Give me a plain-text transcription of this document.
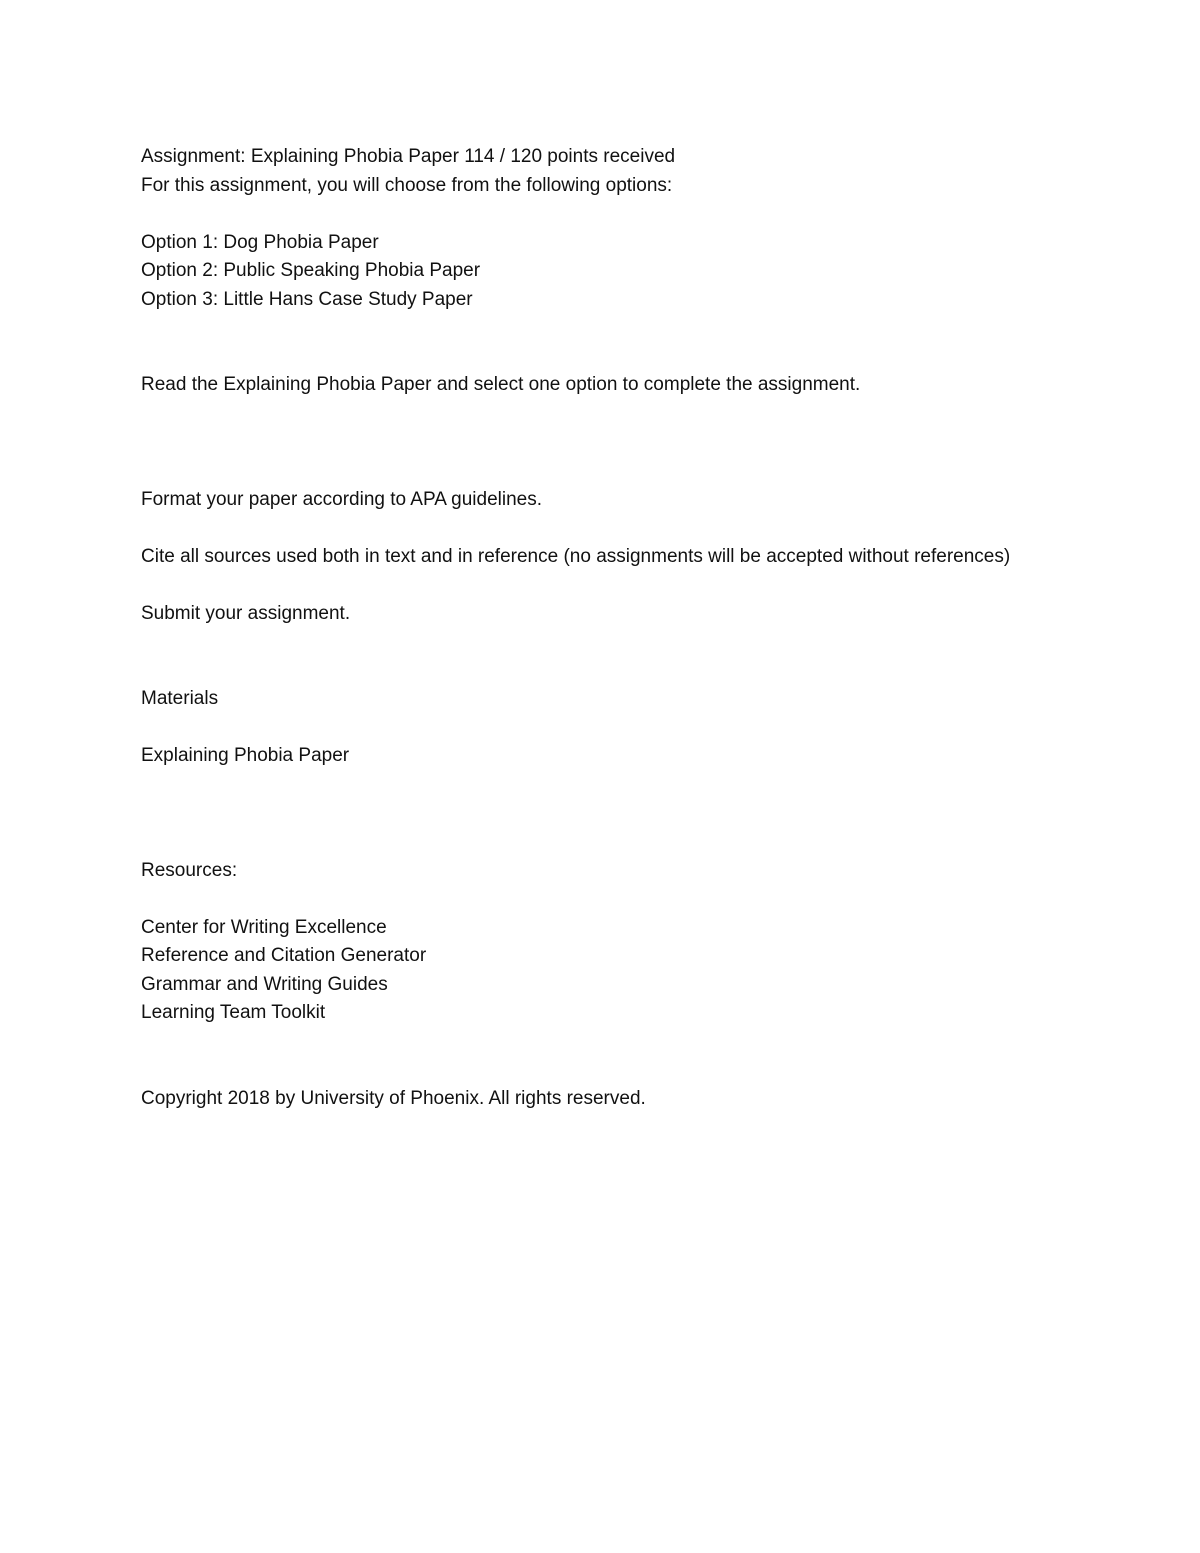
Assignment: Explaining Phobia Paper 114 / 120 points received

For this assignment, you will choose from the following options:

Option 1: Dog Phobia Paper

Option 2: Public Speaking Phobia Paper

Option 3: Little Hans Case Study Paper

Read the Explaining Phobia Paper and select one option to complete the assignment.

Format your paper according to APA guidelines.

Cite all sources used both in text and in reference (no assignments will be accepted without references)

Submit your assignment.

Materials

Explaining Phobia Paper

Resources:

Center for Writing Excellence

Reference and Citation Generator

Grammar and Writing Guides

Learning Team Toolkit

Copyright 2018 by University of Phoenix. All rights reserved.
